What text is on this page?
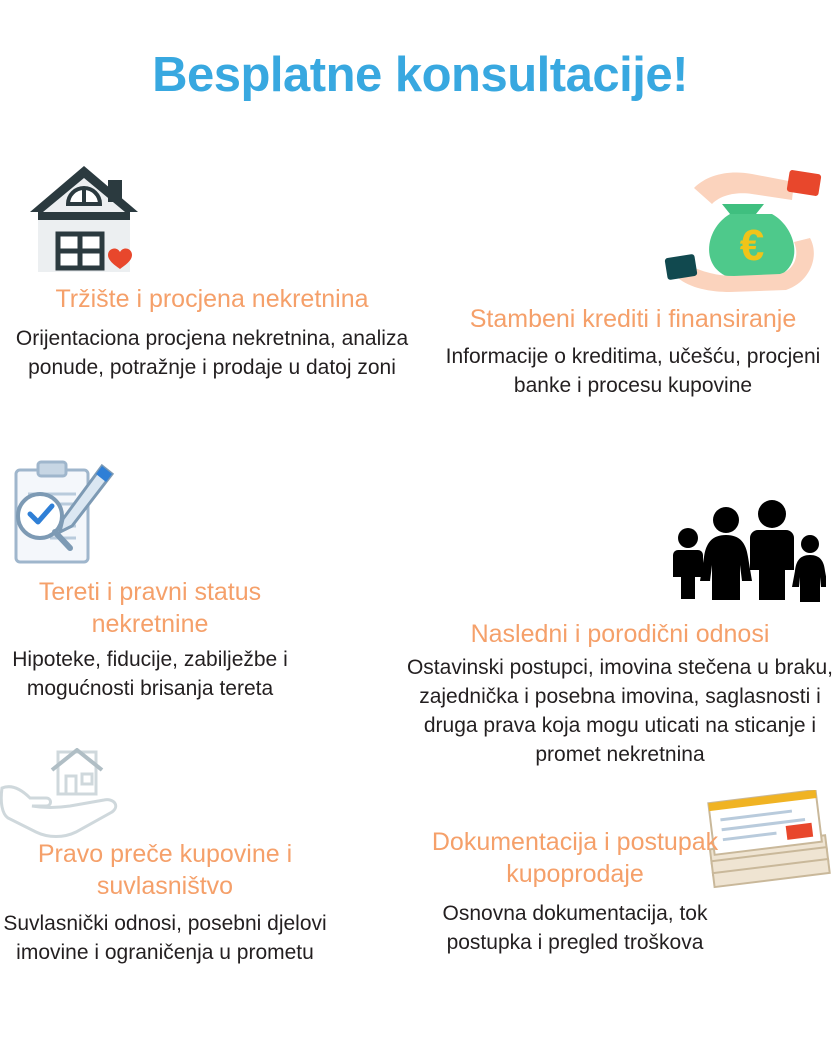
Besplatne konsultacije!
€
Tržište i procjena nekretnina
Orijentaciona procjena nekretnina, analiza ponude, potražnje i prodaje u datoj zoni
Stambeni krediti i finansiranje
Informacije o kreditima, učešću, procjeni banke i procesu kupovine
Tereti i pravni status nekretnine
Hipoteke, fiducije, zabilježbe i mogućnosti brisanja tereta
Nasledni i porodični odnosi
Ostavinski postupci, imovina stečena u braku, zajednička i posebna imovina, saglasnosti i druga prava koja mogu uticati na sticanje i promet nekretnina
Pravo preče kupovine i suvlasništvo
Suvlasnički odnosi, posebni djelovi imovine i ograničenja u prometu
Dokumentacija i postupak kupoprodaje
Osnovna dokumentacija, tok postupka i pregled troškova
